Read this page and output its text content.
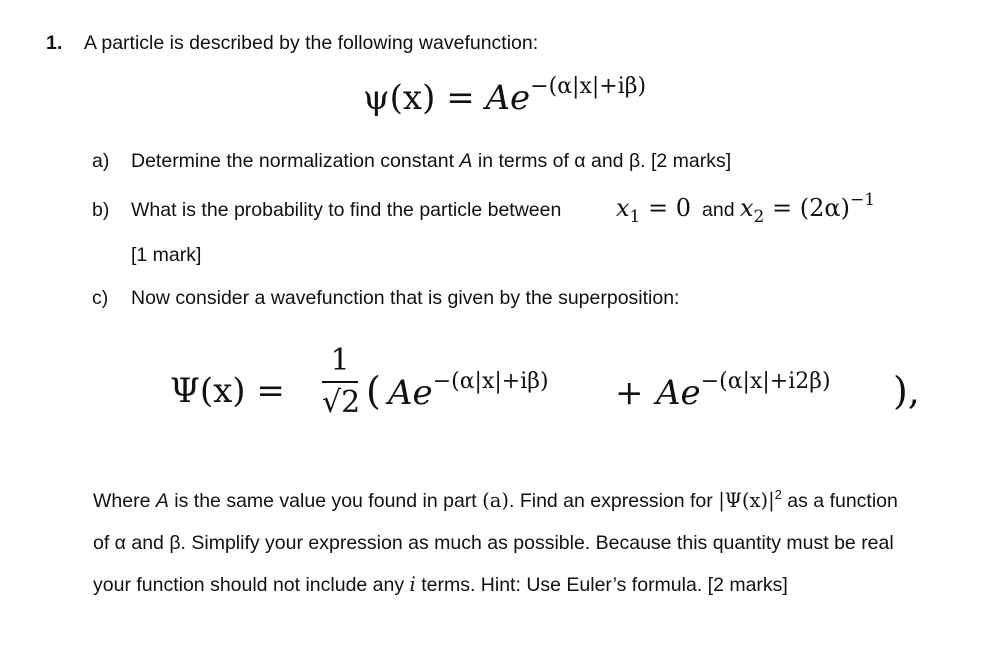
1. A particle is described by the following wavefunction:
$\psi(x) = Ae^{-(\alpha|x|+i\beta)}$
a) Determine the normalization constant A in terms of α and β. [2 marks]
b) What is the probability to find the particle between $x_1 = 0$ and $x_2 = (2\alpha)^{-1}$
[1 mark]
c) Now consider a wavefunction that is given by the superposition:
Ψ(x) =
1
√2 ( $Ae^{-(\alpha|x|+i\beta)} + Ae^{-(\alpha|x|+i2\beta)}$ ),
Where A is the same value you found in part (a). Find an expression for $|\Psi(x)|^2$ as a function
of α and β. Simplify your expression as much as possible. Because this quantity must be real
your function should not include any i terms. Hint: Use Euler’s formula. [2 marks]
